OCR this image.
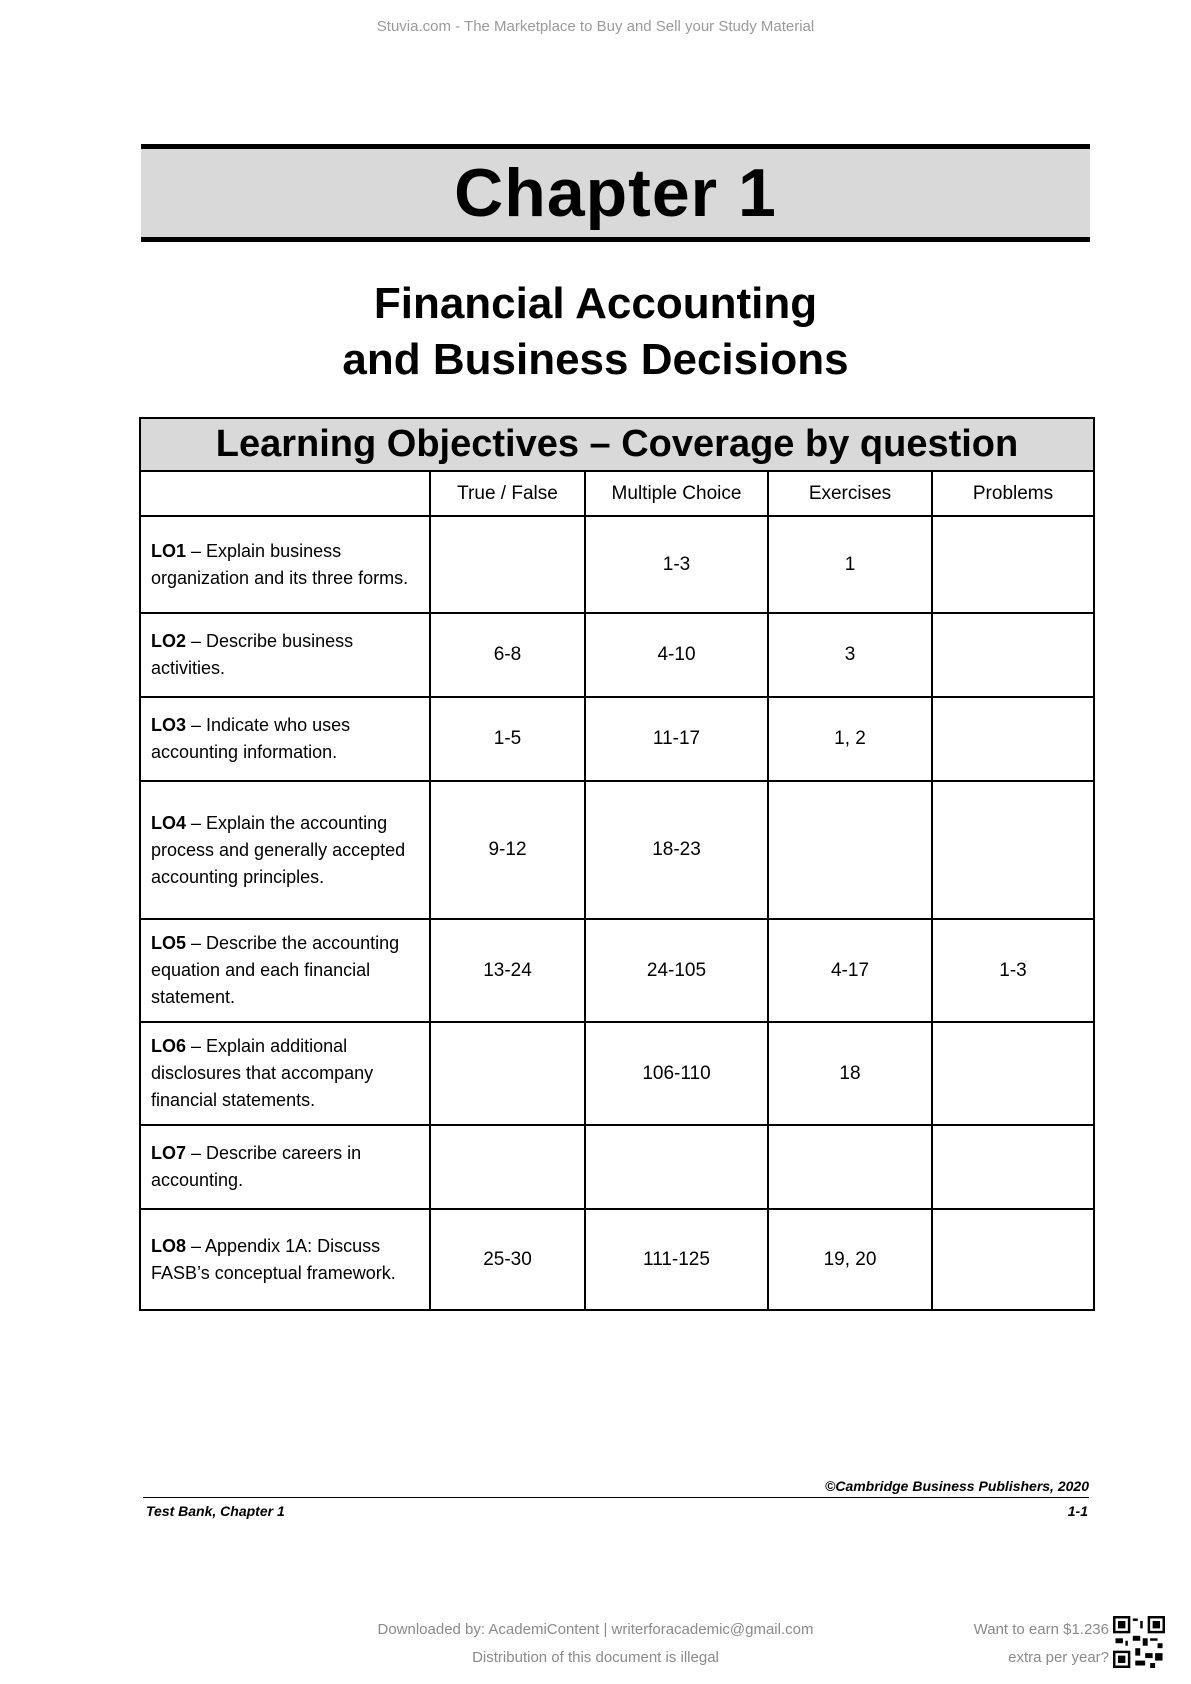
Stuvia.com - The Marketplace to Buy and Sell your Study Material
Chapter 1
Financial Accounting
and Business Decisions
Learning Objectives – Coverage by question				
	True / False	Multiple Choice	Exercises	Problems
LO1 – Explain business organization and its three forms.		1-3	1	
LO2 – Describe business activities.	6-8	4-10	3	
LO3 – Indicate who uses accounting information.	1-5	11-17	1, 2	
LO4 – Explain the accounting process and generally accepted accounting principles.	9-12	18-23		
LO5 – Describe the accounting equation and each financial statement.	13-24	24-105	4-17	1-3
LO6 – Explain additional disclosures that accompany financial statements.		106-110	18	
LO7 – Describe careers in accounting.				
LO8 – Appendix 1A: Discuss FASB’s conceptual framework.	25-30	111-125	19, 20	
©Cambridge Business Publishers, 2020
Test Bank, Chapter 1	1-1
Downloaded by: AcademiContent | writerforacademic@gmail.com
Distribution of this document is illegal
Want to earn $1.236
extra per year?
